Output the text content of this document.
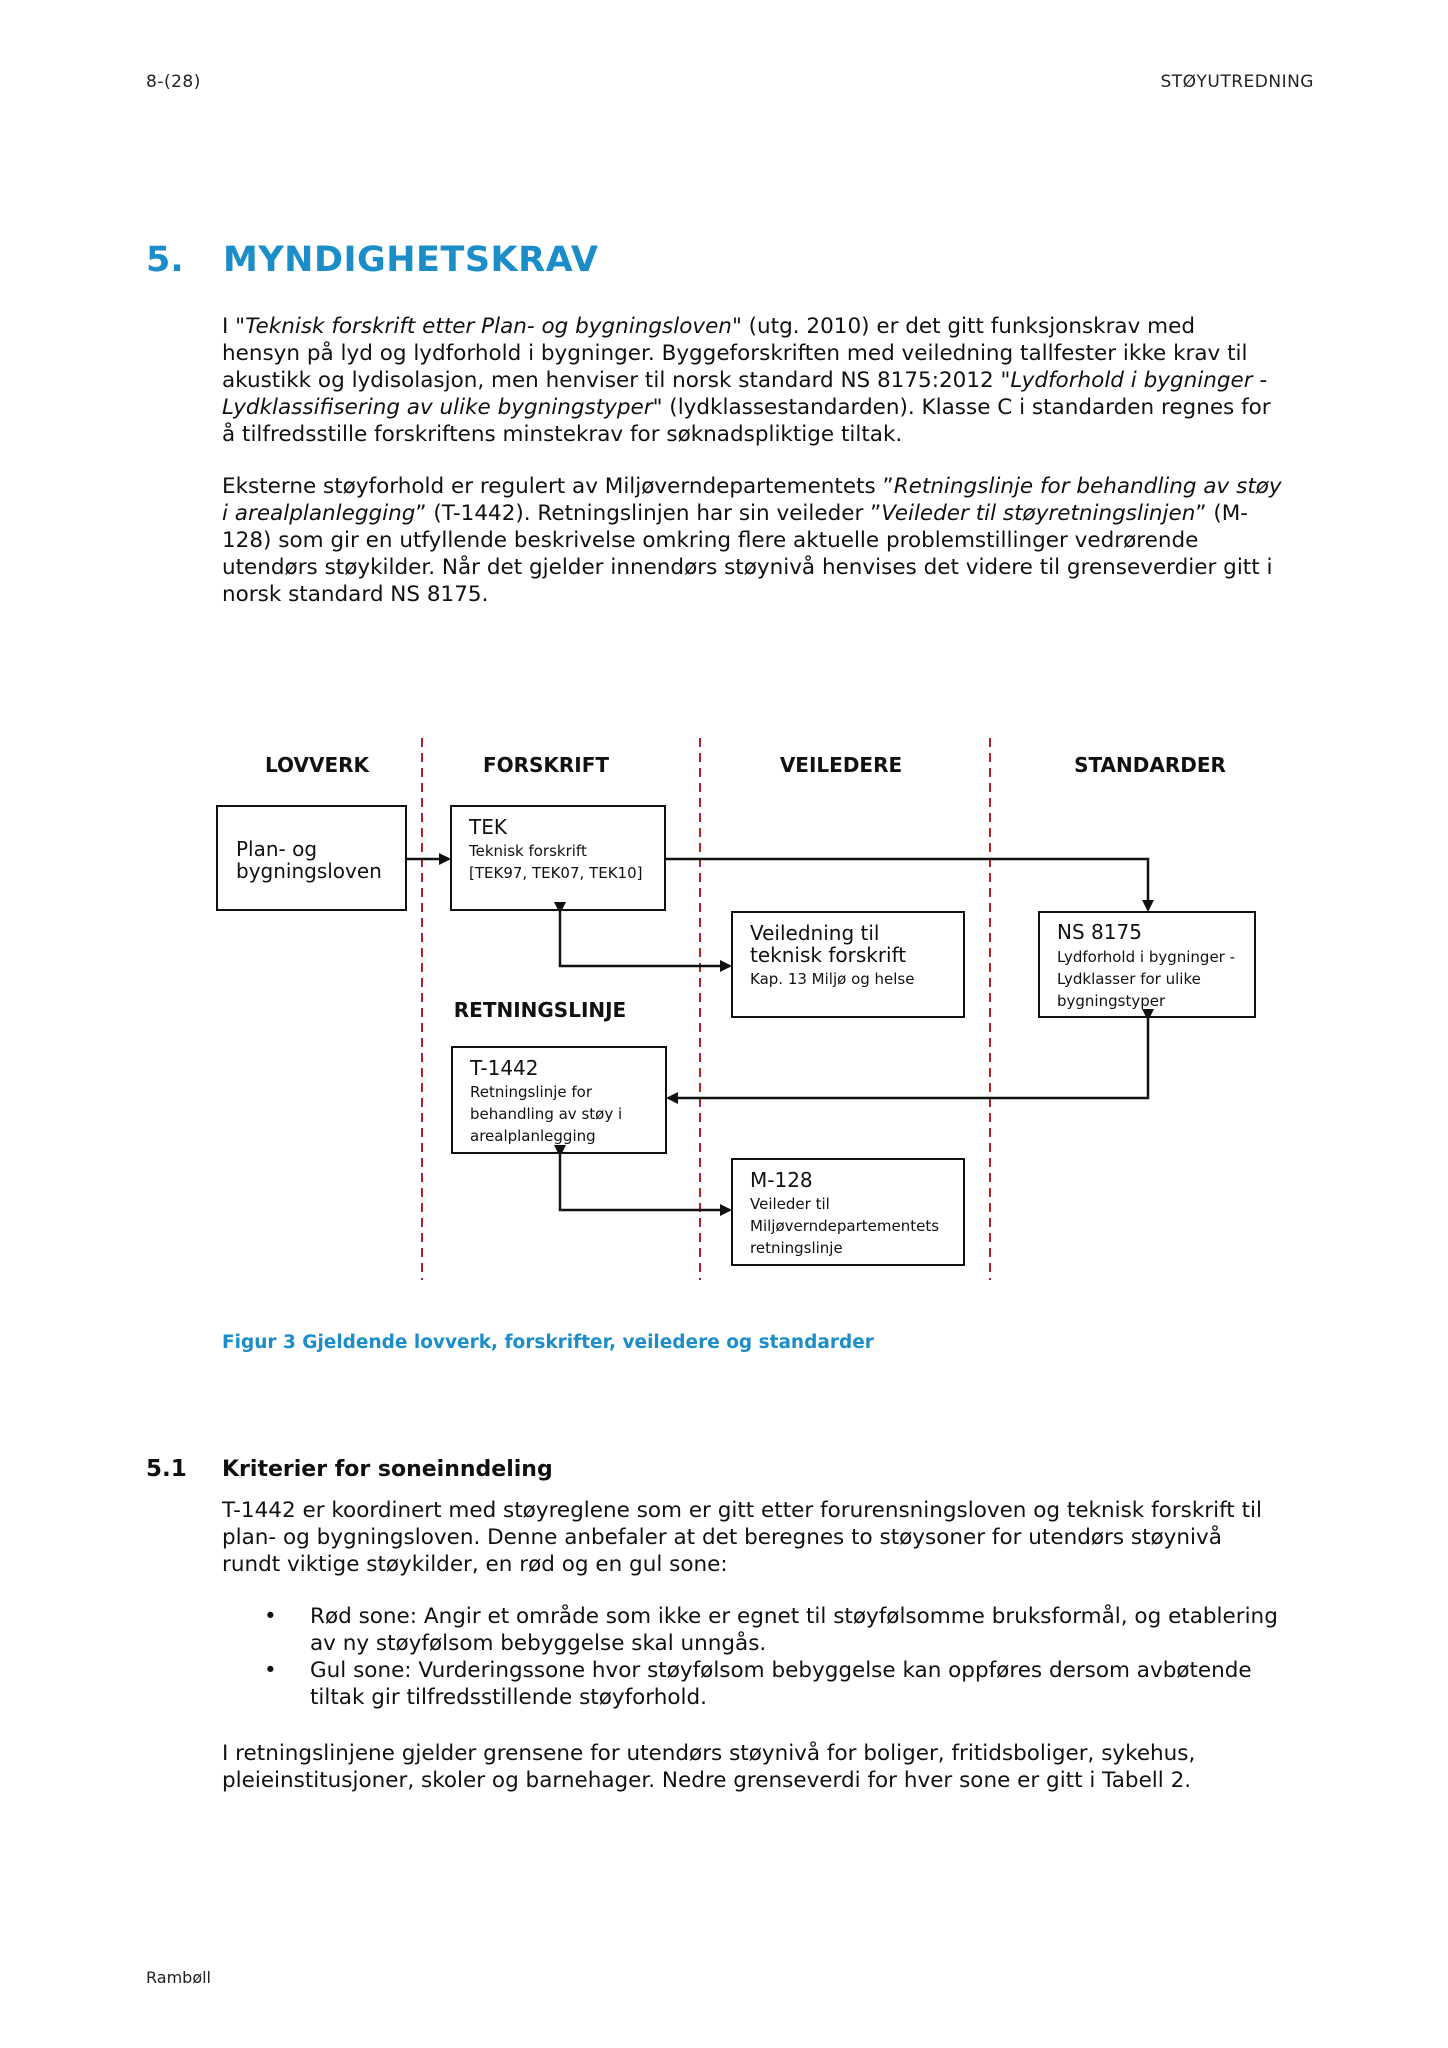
8-(28)	STØYUTREDNING
5. MYNDIGHETSKRAV

I "Teknisk forskrift etter Plan- og bygningsloven" (utg. 2010) er det gitt funksjonskrav med

hensyn på lyd og lydforhold i bygninger. Byggeforskriften med veiledning tallfester ikke krav til

akustikk og lydisolasjon, men henviser til norsk standard NS 8175:2012 "Lydforhold i bygninger -

Lydklassifisering av ulike bygningstyper" (lydklassestandarden). Klasse C i standarden regnes for

å tilfredsstille forskriftens minstekrav for søknadspliktige tiltak.

Eksterne støyforhold er regulert av Miljøverndepartementets ”Retningslinje for behandling av støy

i arealplanlegging” (T-1442). Retningslinjen har sin veileder ”Veileder til støyretningslinjen” (M-

128) som gir en utfyllende beskrivelse omkring flere aktuelle problemstillinger vedrørende

utendørs støykilder. Når det gjelder innendørs støynivå henvises det videre til grenseverdier gitt i

norsk standard NS 8175.

LOVVERK	FORSKRIFT	VEILEDERE	STANDARDER
RETNINGSLINJE
Plan- og
bygningsloven
TEK
Teknisk forskrift
[TEK97, TEK07, TEK10]
Veiledning til
teknisk forskrift
Kap. 13 Miljø og helse
NS 8175
Lydforhold i bygninger -
Lydklasser for ulike
bygningstyper
T-1442
Retningslinje for
behandling av støy i
arealplanlegging
M-128
Veileder til
Miljøverndepartementets
retningslinje
Figur 3 Gjeldende lovverk, forskrifter, veiledere og standarder
5.1 Kriterier for soneinndeling

T-1442 er koordinert med støyreglene som er gitt etter forurensningsloven og teknisk forskrift til

plan- og bygningsloven. Denne anbefaler at det beregnes to støysoner for utendørs støynivå

rundt viktige støykilder, en rød og en gul sone:

• Rød sone: Angir et område som ikke er egnet til støyfølsomme bruksformål, og etablering

av ny støyfølsom bebyggelse skal unngås.

• Gul sone: Vurderingssone hvor støyfølsom bebyggelse kan oppføres dersom avbøtende

tiltak gir tilfredsstillende støyforhold.

I retningslinjene gjelder grensene for utendørs støynivå for boliger, fritidsboliger, sykehus,

pleieinstitusjoner, skoler og barnehager. Nedre grenseverdi for hver sone er gitt i Tabell 2.

Rambøll
